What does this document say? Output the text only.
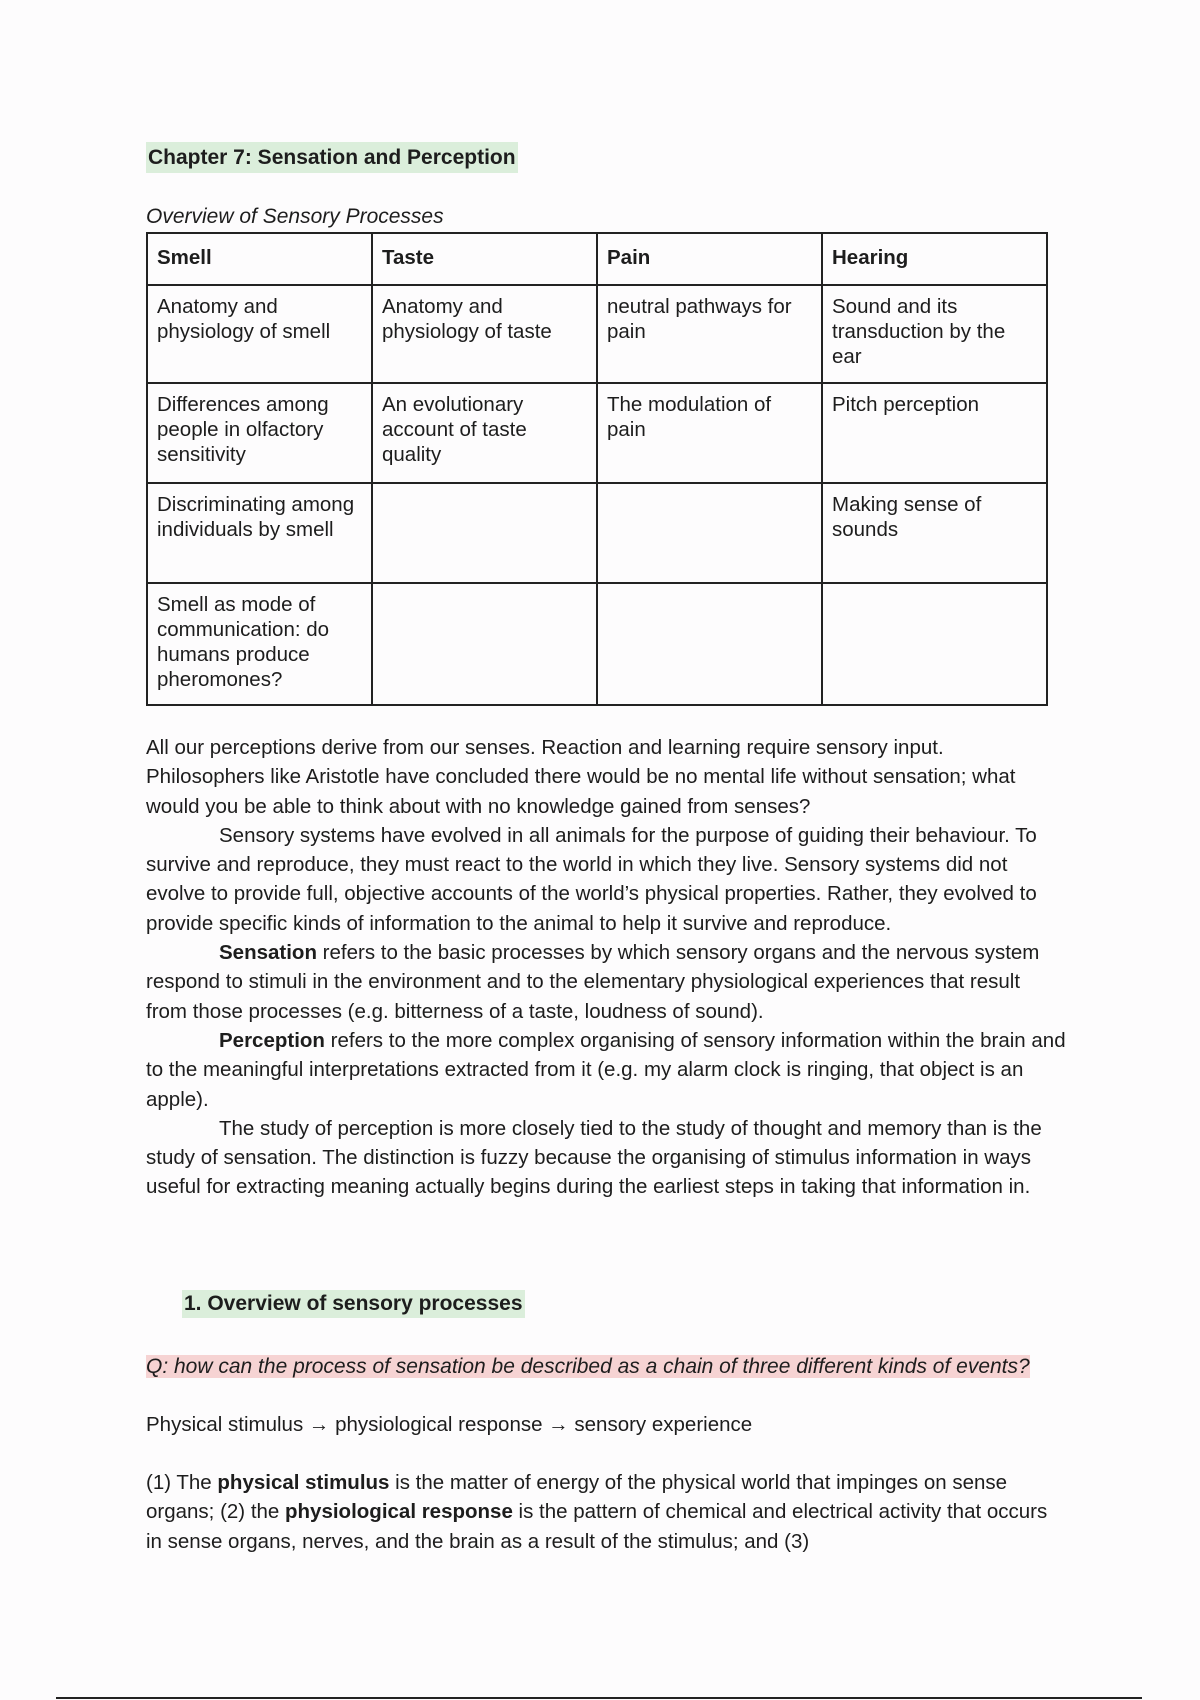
Chapter 7: Sensation and Perception
Overview of Sensory Processes
Smell	Taste	Pain	Hearing
Anatomy and physiology of smell	Anatomy and physiology of taste	neutral pathways for pain	Sound and its transduction by the ear
Differences among people in olfactory sensitivity	An evolutionary account of taste quality	The modulation of pain	Pitch perception
Discriminating among individuals by smell			Making sense of sounds
Smell as mode of communication: do humans produce pheromones?			

All our perceptions derive from our senses. Reaction and learning require sensory input. Philosophers like Aristotle have concluded there would be no mental life without sensation; what would you be able to think about with no knowledge gained from senses?

Sensory systems have evolved in all animals for the purpose of guiding their behaviour. To survive and reproduce, they must react to the world in which they live. Sensory systems did not evolve to provide full, objective accounts of the world’s physical properties. Rather, they evolved to provide specific kinds of information to the animal to help it survive and reproduce.

Sensation refers to the basic processes by which sensory organs and the nervous system respond to stimuli in the environment and to the elementary physiological experiences that result from those processes (e.g. bitterness of a taste, loudness of sound).

Perception refers to the more complex organising of sensory information within the brain and to the meaningful interpretations extracted from it (e.g. my alarm clock is ringing, that object is an apple).

The study of perception is more closely tied to the study of thought and memory than is the study of sensation. The distinction is fuzzy because the organising of stimulus information in ways useful for extracting meaning actually begins during the earliest steps in taking that information in.

1. Overview of sensory processes
Q: how can the process of sensation be described as a chain of three different kinds of events?
Physical stimulus → physiological response → sensory experience

(1) The physical stimulus is the matter of energy of the physical world that impinges on sense organs; (2) the physiological response is the pattern of chemical and electrical activity that occurs in sense organs, nerves, and the brain as a result of the stimulus; and (3)
